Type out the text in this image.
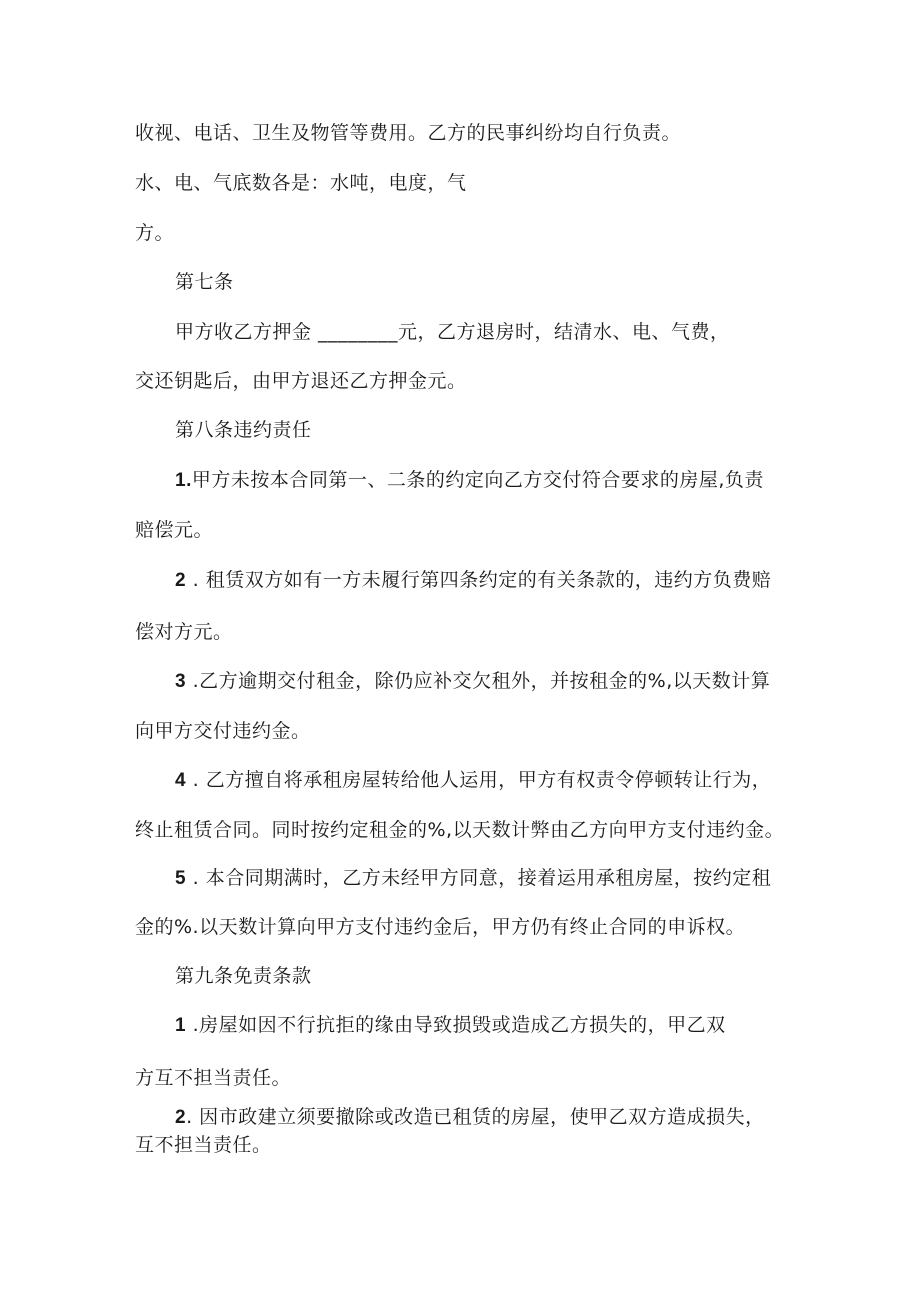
收视、电话、卫生及物管等费用。乙方的民事纠纷均自行负责。
水、电、气底数各是：水吨，电度，气
方。
第七条
甲方收乙方押金 ________元，乙方退房时，结清水、电、气费，
交还钥匙后，由甲方退还乙方押金元。
第八条违约责任
1.甲方未按本合同第一、二条的约定向乙方交付符合要求的房屋,负责
赔偿元。
2 . 租赁双方如有一方未履行第四条约定的有关条款的，违约方负费赔
偿对方元。
3 .乙方逾期交付租金，除仍应补交欠租外，并按租金的%,以天数计算
向甲方交付违约金。
4 . 乙方擅自将承租房屋转给他人运用，甲方有权责令停顿转让行为，
终止租赁合同。同时按约定租金的%,以天数计弊由乙方向甲方支付违约金。
5 . 本合同期满时，乙方未经甲方同意，接着运用承租房屋，按约定租
金的%.以天数计算向甲方支付违约金后，甲方仍有终止合同的申诉权。
第九条免责条款
1 .房屋如因不行抗拒的缘由导致损毁或造成乙方损失的，甲乙双
方互不担当责任。
2. 因市政建立须要撤除或改造已租赁的房屋，使甲乙双方造成损失，
互不担当责任。
